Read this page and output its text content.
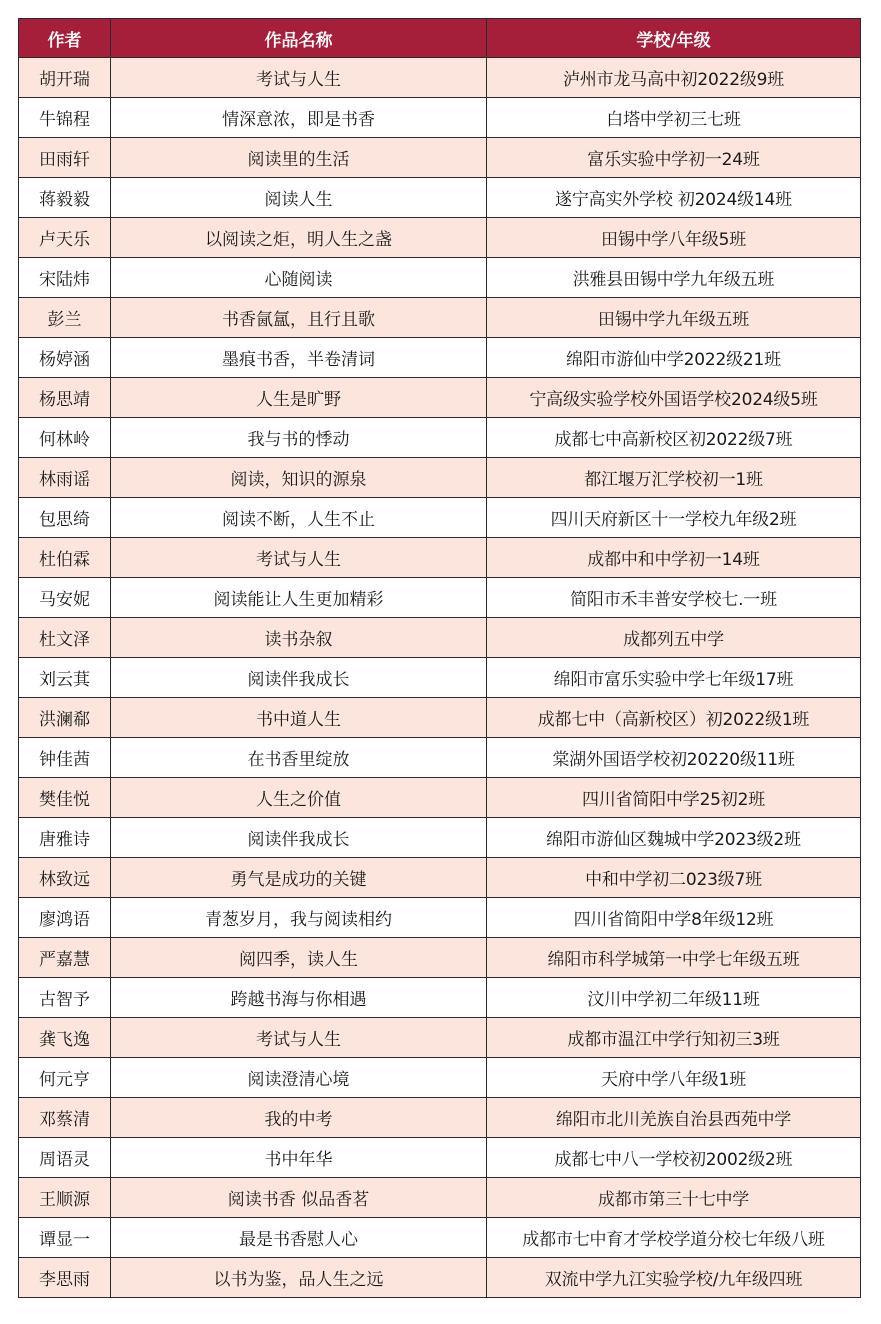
作者	作品名称	学校/年级
胡开瑞	考试与人生	泸州市龙马高中初2022级9班
牛锦程	情深意浓，即是书香	白塔中学初三七班
田雨轩	阅读里的生活	富乐实验中学初一24班
蒋毅毅	阅读人生	遂宁高实外学校 初2024级14班
卢天乐	以阅读之炬，明人生之盏	田锡中学八年级5班
宋陆炜	心随阅读	洪雅县田锡中学九年级五班
彭兰	书香氤氲，且行且歌	田锡中学九年级五班
杨婷涵	墨痕书香，半卷清词	绵阳市游仙中学2022级21班
杨思靖	人生是旷野	宁高级实验学校外国语学校2024级5班
何林岭	我与书的悸动	成都七中高新校区初2022级7班
林雨谣	阅读，知识的源泉	都江堰万汇学校初一1班
包思绮	阅读不断，人生不止	四川天府新区十一学校九年级2班
杜伯霖	考试与人生	成都中和中学初一14班
马安妮	阅读能让人生更加精彩	简阳市禾丰普安学校七.一班
杜文泽	读书杂叙	成都列五中学
刘云萁	阅读伴我成长	绵阳市富乐实验中学七年级17班
洪澜郗	书中道人生	成都七中（高新校区）初2022级1班
钟佳茜	在书香里绽放	棠湖外国语学校初20220级11班
樊佳悦	人生之价值	四川省简阳中学25初2班
唐雅诗	阅读伴我成长	绵阳市游仙区魏城中学2023级2班
林致远	勇气是成功的关键	中和中学初二023级7班
廖鸿语	青葱岁月，我与阅读相约	四川省简阳中学8年级12班
严嘉慧	阅四季，读人生	绵阳市科学城第一中学七年级五班
古智予	跨越书海与你相遇	汶川中学初二年级11班
龚飞逸	考试与人生	成都市温江中学行知初三3班
何元亨	阅读澄清心境	天府中学八年级1班
邓蔡清	我的中考	绵阳市北川羌族自治县西苑中学
周语灵	书中年华	成都七中八一学校初2002级2班
王顺源	阅读书香 似品香茗	成都市第三十七中学
谭显一	最是书香慰人心	成都市七中育才学校学道分校七年级八班
李思雨	以书为鉴，品人生之远	双流中学九江实验学校/九年级四班
